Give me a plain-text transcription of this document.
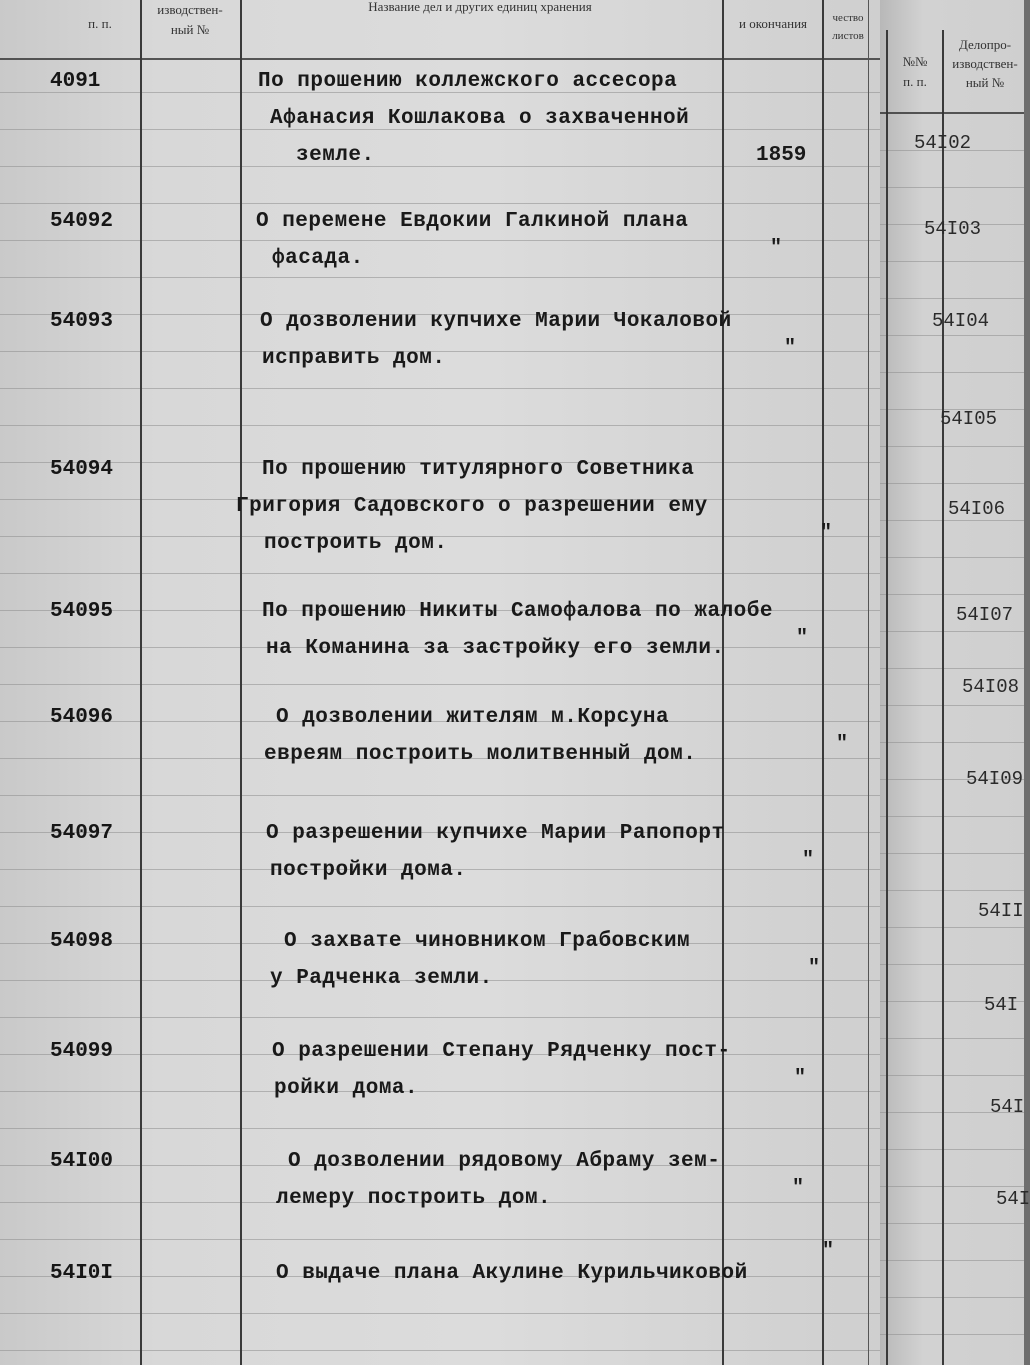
п. п.
изводствен-
ный №
Название дел и других единиц хранения
и окончания	чество
листов
4091	По прошению коллежского ассесора
Афанасия Кошлакова о захваченной
земле.	1859
54092	О перемене Евдокии Галкиной плана
фасада.	"
54093	О дозволении купчихе Марии Чокаловой
исправить дом.	"
54094	По прошению титулярного Советника
Григория Садовского о разрешении ему
построить дом.	"
54095	По прошению Никиты Самофалова по жалобе
на Команина за застройку его земли.	"
54096	О дозволении жителям м.Корсуна
евреям построить молитвенный дом.	"
54097	О разрешении купчихе Марии Рапопорт
постройки дома.	"
54098	О захвате чиновником Грабовским
у Радченка земли.	"
54099	О разрешении Степану Рядченку пост-
ройки дома.	"
54I00	О дозволении рядовому Абраму зем-
лемеру построить дом.	"
54I0I	О выдаче плана Акулине Курильчиковой
"
№№
п. п.
Делопро-
изводствен-
ный №
54I02
54I03
54I04
54I05
54I06
54I07
54I08
54I09
54II
54I
54I
54I
